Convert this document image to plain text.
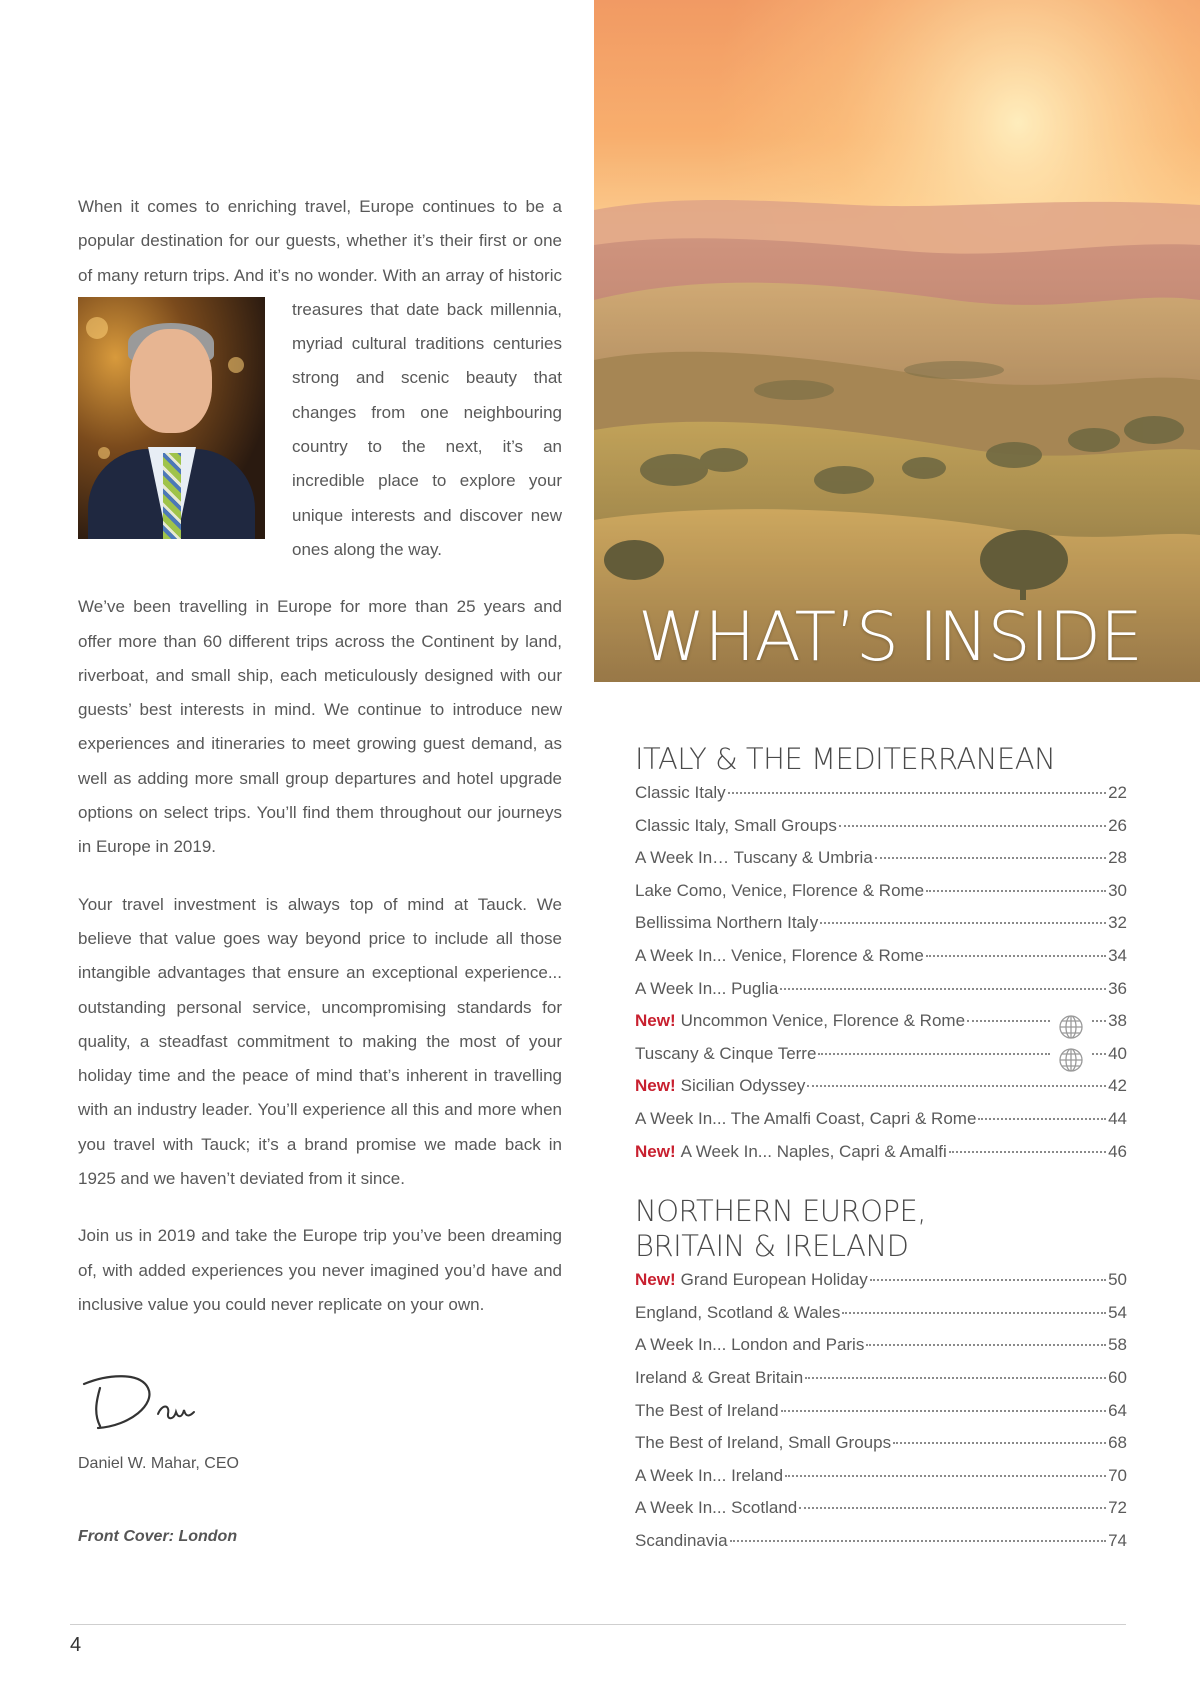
When it comes to enriching travel, Europe continues to be a popular destination for our guests, whether it’s their first or one of many return trips. And it’s no wonder. With an array
of historic treasures that date back millennia, myriad cultural traditions centuries strong and scenic beauty that changes from one neighbouring country to the next, it’s an incredible place to explore your unique interests and discover new ones along the way.

We’ve been travelling in Europe for more than 25 years and offer more than 60 different trips across the Continent by land, riverboat, and small ship, each meticulously designed with our guests’ best interests in mind. We continue to introduce new experiences and itineraries to meet growing guest demand, as well as adding more small group departures and hotel upgrade options on select trips. You’ll find them throughout our journeys in Europe in 2019.

Your travel investment is always top of mind at Tauck. We believe that value goes way beyond price to include all those intangible advantages that ensure an exceptional experience... outstanding personal service, uncompromising standards for quality, a steadfast commitment to making the most of your holiday time and the peace of mind that’s inherent in travelling with an industry leader. You’ll experience all this and more when you travel with Tauck; it’s a brand promise we made back in 1925 and we haven’t deviated from it since.

Join us in 2019 and take the Europe trip you’ve been dreaming of, with added experiences you never imagined you’d have and inclusive value you could never replicate on your own.

Daniel W. Mahar, CEO
Front Cover: London
4
WHAT’S INSIDE
ITALY & THE MEDITERRANEAN
Classic Italy	22
Classic Italy, Small Groups	26
A Week In… Tuscany & Umbria	28
Lake Como, Venice, Florence & Rome	30
Bellissima Northern Italy	32
A Week In... Venice, Florence & Rome	34
A Week In... Puglia	36
New! Uncommon Venice, Florence & Rome	38
Tuscany & Cinque Terre	40
New! Sicilian Odyssey	42
A Week In... The Amalfi Coast, Capri & Rome	44
New! A Week In... Naples, Capri & Amalfi	46
NORTHERN EUROPE,
BRITAIN & IRELAND
New! Grand European Holiday	50
England, Scotland & Wales	54
A Week In... London and Paris	58
Ireland & Great Britain	60
The Best of Ireland	64
The Best of Ireland, Small Groups	68
A Week In... Ireland	70
A Week In... Scotland	72
Scandinavia	74
